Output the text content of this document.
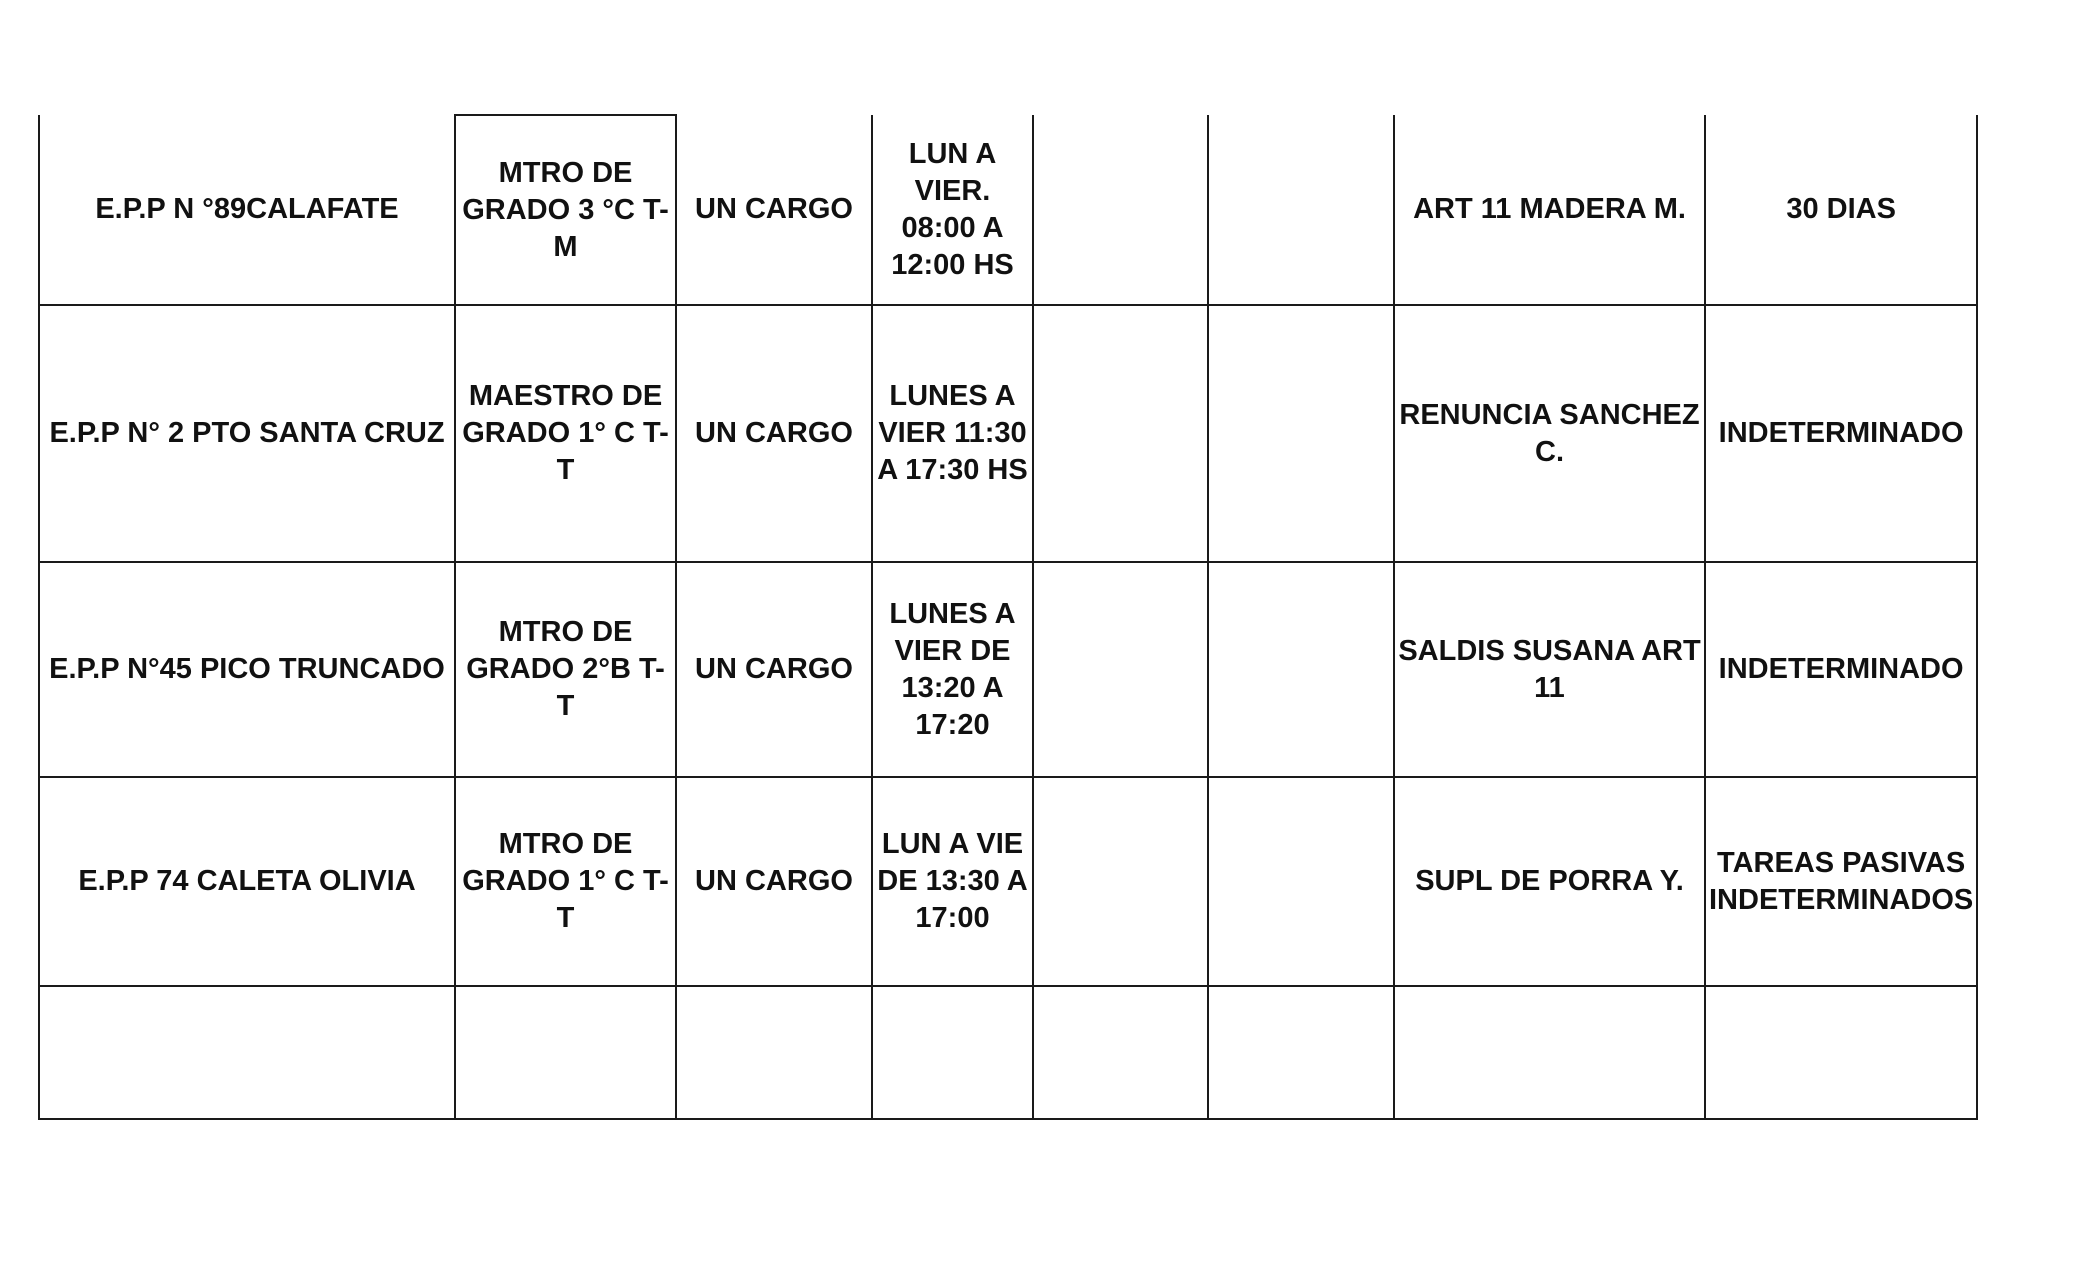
E.P.P N °89CALAFATE	MTRO DE GRADO 3 °C T-M	UN CARGO	LUN A VIER. 08:00 A 12:00 HS			ART 11 MADERA M.	30 DIAS
E.P.P N° 2 PTO SANTA CRUZ	MAESTRO DE GRADO 1° C T-T	UN CARGO	LUNES A VIER 11:30 A 17:30 HS			RENUNCIA SANCHEZ C.	INDETERMINADO
E.P.P N°45 PICO TRUNCADO	MTRO DE GRADO 2°B T-T	UN CARGO	LUNES A VIER DE 13:20 A 17:20			SALDIS SUSANA ART 11	INDETERMINADO
E.P.P 74 CALETA OLIVIA	MTRO DE GRADO 1° C T-T	UN CARGO	LUN A VIE DE 13:30 A 17:00			SUPL DE PORRA Y.	TAREAS PASIVAS INDETERMINADOS
